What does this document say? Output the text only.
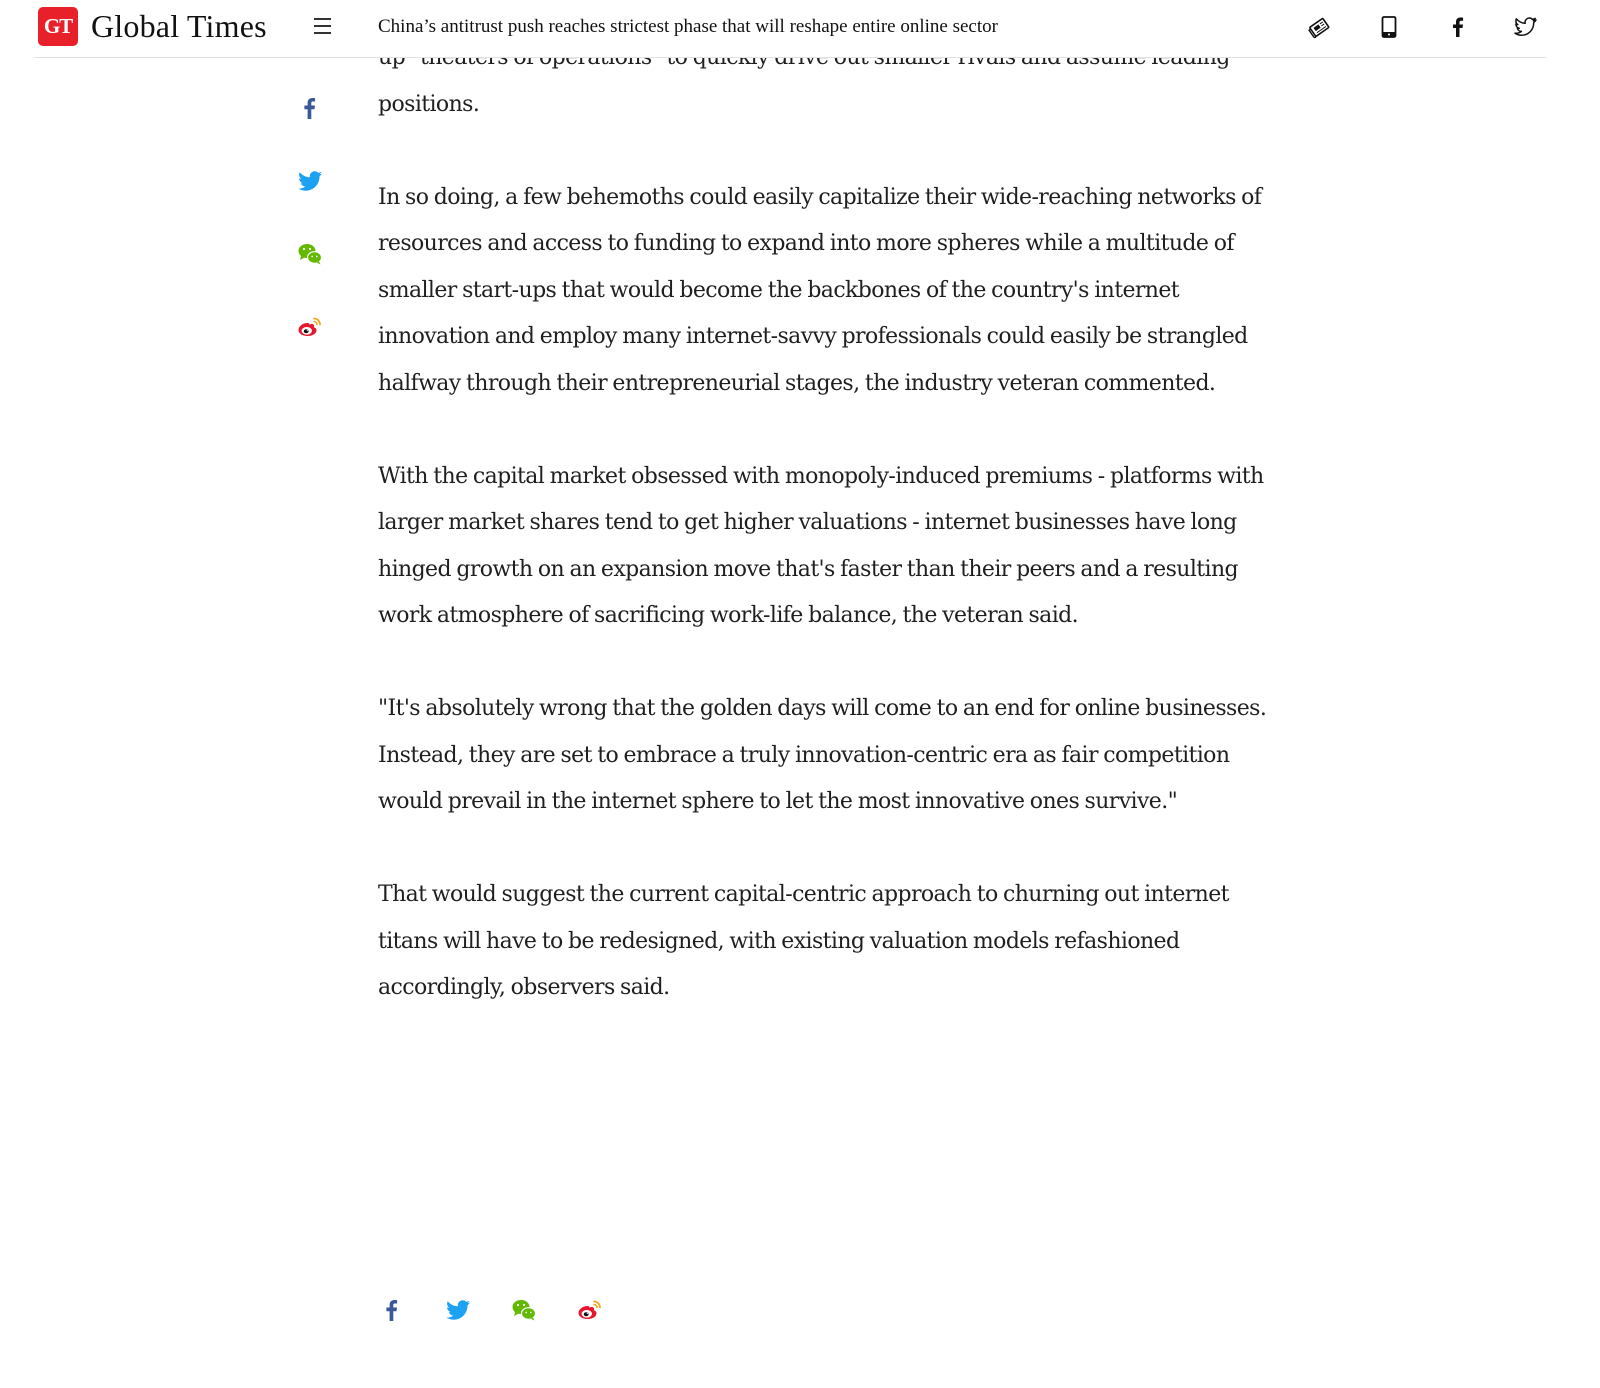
GT Global Times	China’s antitrust push reaches strictest phase that will reshape entire online sector

positions.

In so doing, a few behemoths could easily capitalize their wide-reaching networks of resources and access to funding to expand into more spheres while a multitude of smaller start-ups that would become the backbones of the country's internet innovation and employ many internet-savvy professionals could easily be strangled halfway through their entrepreneurial stages, the industry veteran commented.

With the capital market obsessed with monopoly-induced premiums - platforms with larger market shares tend to get higher valuations - internet businesses have long hinged growth on an expansion move that's faster than their peers and a resulting work atmosphere of sacrificing work-life balance, the veteran said.

"It's absolutely wrong that the golden days will come to an end for online businesses. Instead, they are set to embrace a truly innovation-centric era as fair competition would prevail in the internet sphere to let the most innovative ones survive."

That would suggest the current capital-centric approach to churning out internet titans will have to be redesigned, with existing valuation models refashioned accordingly, observers said.
